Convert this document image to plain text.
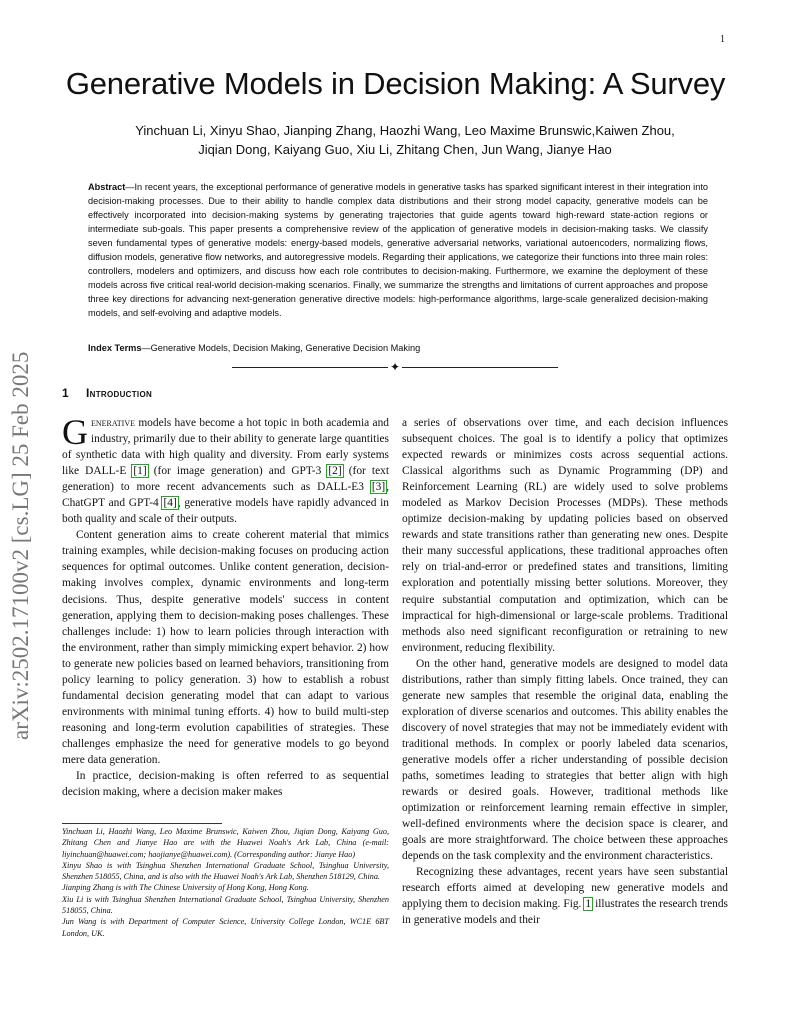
1
Generative Models in Decision Making: A Survey
Yinchuan Li, Xinyu Shao, Jianping Zhang, Haozhi Wang, Leo Maxime Brunswic,Kaiwen Zhou,
Jiqian Dong, Kaiyang Guo, Xiu Li, Zhitang Chen, Jun Wang, Jianye Hao
arXiv:2502.17100v2 [cs.LG] 25 Feb 2025
Abstract—In recent years, the exceptional performance of generative models in generative tasks has sparked significant interest in their integration into decision-making processes. Due to their ability to handle complex data distributions and their strong model capacity, generative models can be effectively incorporated into decision-making systems by generating trajectories that guide agents toward high-reward state-action regions or intermediate sub-goals. This paper presents a comprehensive review of the application of generative models in decision-making tasks. We classify seven fundamental types of generative models: energy-based models, generative adversarial networks, variational autoencoders, normalizing flows, diffusion models, generative flow networks, and autoregressive models. Regarding their applications, we categorize their functions into three main roles: controllers, modelers and optimizers, and discuss how each role contributes to decision-making. Furthermore, we examine the deployment of these models across five critical real-world decision-making scenarios. Finally, we summarize the strengths and limitations of current approaches and propose three key directions for advancing next-generation generative directive models: high-performance algorithms, large-scale generalized decision-making models, and self-evolving and adaptive models.
Index Terms—Generative Models, Decision Making, Generative Decision Making
✦
1 Introduction

Generative models have become a hot topic in both academia and industry, primarily due to their ability to generate large quantities of synthetic data with high quality and diversity. From early systems like DALL-E [1] (for image generation) and GPT-3 [2] (for text generation) to more recent advancements such as DALL-E3 [3], ChatGPT and GPT-4 [4], generative models have rapidly advanced in both quality and scale of their outputs.

Content generation aims to create coherent material that mimics training examples, while decision-making focuses on producing action sequences for optimal outcomes. Unlike content generation, decision-making involves complex, dynamic environments and long-term decisions. Thus, despite generative models' success in content generation, applying them to decision-making poses challenges. These challenges include: 1) how to learn policies through interaction with the environment, rather than simply mimicking expert behavior. 2) how to generate new policies based on learned behaviors, transitioning from policy learning to policy generation. 3) how to establish a robust fundamental decision generating model that can adapt to various environments with minimal tuning efforts. 4) how to build multi-step reasoning and long-term evolution capabilities of strategies. These challenges emphasize the need for generative models to go beyond mere data generation.

In practice, decision-making is often referred to as sequential decision making, where a decision maker makes

Yinchuan Li, Haozhi Wang, Leo Maxime Brunswic, Kaiwen Zhou, Jiqian Dong, Kaiyang Guo, Zhitang Chen and Jianye Hao are with the Huawei Noah's Ark Lab, China (e-mail: liyinchuan@huawei.com; haojianye@huawei.com). (Corresponding author: Jianye Hao)

Xinyu Shao is with Tsinghua Shenzhen International Graduate School, Tsinghua University, Shenzhen 518055, China, and is also with the Huawei Noah's Ark Lab, Shenzhen 518129, China.

Jianping Zhang is with The Chinese University of Hong Kong, Hong Kong.

Xiu Li is with Tsinghua Shenzhen International Graduate School, Tsinghua University, Shenzhen 518055, China.

Jun Wang is with Department of Computer Science, University College London, WC1E 6BT London, UK.

a series of observations over time, and each decision influences subsequent choices. The goal is to identify a policy that optimizes expected rewards or minimizes costs across sequential actions. Classical algorithms such as Dynamic Programming (DP) and Reinforcement Learning (RL) are widely used to solve problems modeled as Markov Decision Processes (MDPs). These methods optimize decision-making by updating policies based on observed rewards and state transitions rather than generating new ones. Despite their many successful applications, these traditional approaches often rely on trial-and-error or predefined states and transitions, limiting exploration and potentially missing better solutions. Moreover, they require substantial computation and optimization, which can be impractical for high-dimensional or large-scale problems. Traditional methods also need significant reconfiguration or retraining to new environment, reducing flexibility.

On the other hand, generative models are designed to model data distributions, rather than simply fitting labels. Once trained, they can generate new samples that resemble the original data, enabling the exploration of diverse scenarios and outcomes. This ability enables the discovery of novel strategies that may not be immediately evident with traditional methods. In complex or poorly labeled data scenarios, generative models offer a richer understanding of possible decision paths, sometimes leading to strategies that better align with high rewards or desired goals. However, traditional methods like optimization or reinforcement learning remain effective in simpler, well-defined environments where the decision space is clearer, and goals are more straightforward. The choice between these approaches depends on the task complexity and the environment characteristics.

Recognizing these advantages, recent years have seen substantial research efforts aimed at developing new generative models and applying them to decision making. Fig. 1 illustrates the research trends in generative models and their
